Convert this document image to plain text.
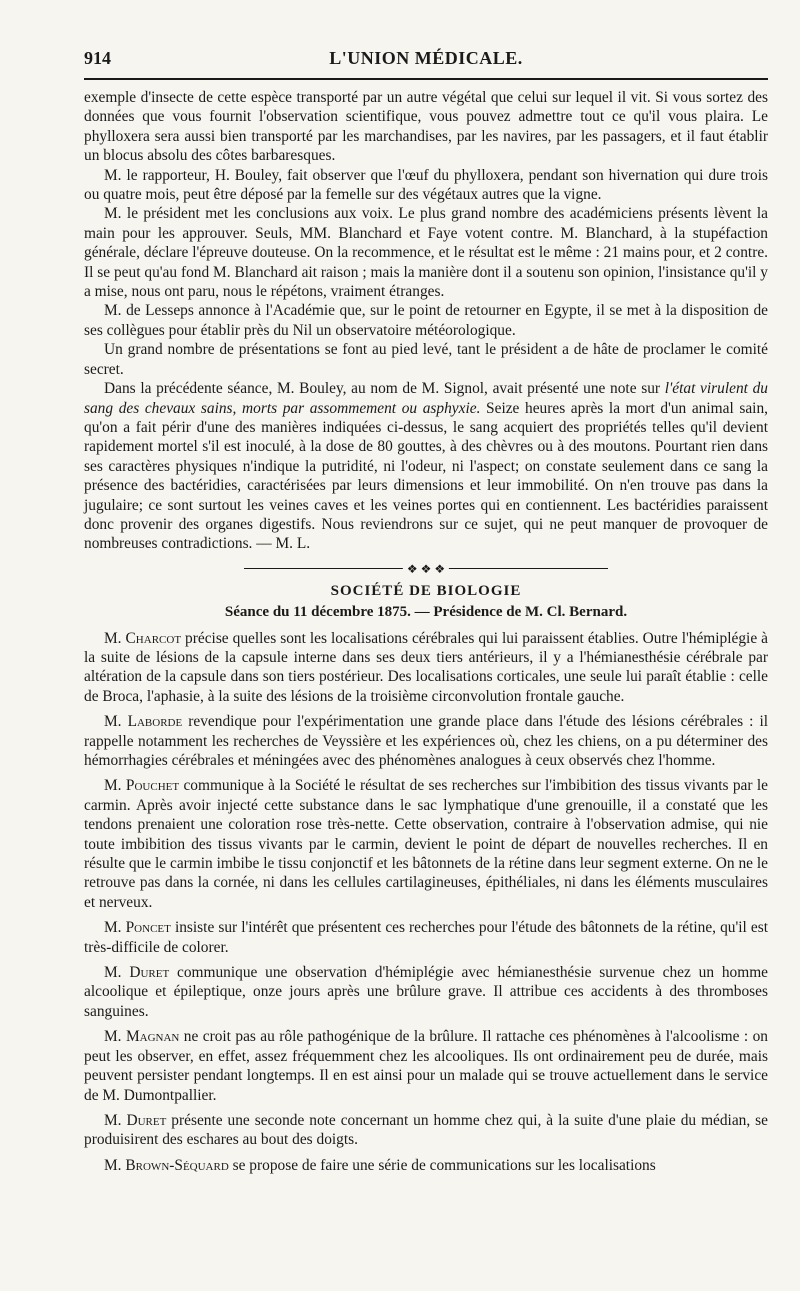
914	L'UNION MÉDICALE.

exemple d'insecte de cette espèce transporté par un autre végétal que celui sur lequel il vit. Si vous sortez des données que vous fournit l'observation scientifique, vous pouvez admettre tout ce qu'il vous plaira. Le phylloxera sera aussi bien transporté par les marchandises, par les navires, par les passagers, et il faut établir un blocus absolu des côtes barbaresques.

M. le rapporteur, H. Bouley, fait observer que l'œuf du phylloxera, pendant son hivernation qui dure trois ou quatre mois, peut être déposé par la femelle sur des végétaux autres que la vigne.

M. le président met les conclusions aux voix. Le plus grand nombre des académiciens présents lèvent la main pour les approuver. Seuls, MM. Blanchard et Faye votent contre. M. Blanchard, à la stupéfaction générale, déclare l'épreuve douteuse. On la recommence, et le résultat est le même : 21 mains pour, et 2 contre. Il se peut qu'au fond M. Blanchard ait raison ; mais la manière dont il a soutenu son opinion, l'insistance qu'il y a mise, nous ont paru, nous le répétons, vraiment étranges.

M. de Lesseps annonce à l'Académie que, sur le point de retourner en Egypte, il se met à la disposition de ses collègues pour établir près du Nil un observatoire météorologique.

Un grand nombre de présentations se font au pied levé, tant le président a de hâte de proclamer le comité secret.

Dans la précédente séance, M. Bouley, au nom de M. Signol, avait présenté une note sur l'état virulent du sang des chevaux sains, morts par assommement ou asphyxie. Seize heures après la mort d'un animal sain, qu'on a fait périr d'une des manières indiquées ci-dessus, le sang acquiert des propriétés telles qu'il devient rapidement mortel s'il est inoculé, à la dose de 80 gouttes, à des chèvres ou à des moutons. Pourtant rien dans ses caractères physiques n'indique la putridité, ni l'odeur, ni l'aspect; on constate seulement dans ce sang la présence des bactéridies, caractérisées par leurs dimensions et leur immobilité. On n'en trouve pas dans la jugulaire; ce sont surtout les veines caves et les veines portes qui en contiennent. Les bactéridies paraissent donc provenir des organes digestifs. Nous reviendrons sur ce sujet, qui ne peut manquer de provoquer de nombreuses contradictions. — M. L.

❖ ❖ ❖
SOCIÉTÉ DE BIOLOGIE
Séance du 11 décembre 1875. — Présidence de M. Cl. Bernard.

M. Charcot précise quelles sont les localisations cérébrales qui lui paraissent établies. Outre l'hémiplégie à la suite de lésions de la capsule interne dans ses deux tiers antérieurs, il y a l'hémianesthésie cérébrale par altération de la capsule dans son tiers postérieur. Des localisations corticales, une seule lui paraît établie : celle de Broca, l'aphasie, à la suite des lésions de la troisième circonvolution frontale gauche.

M. Laborde revendique pour l'expérimentation une grande place dans l'étude des lésions cérébrales : il rappelle notamment les recherches de Veyssière et les expériences où, chez les chiens, on a pu déterminer des hémorrhagies cérébrales et méningées avec des phénomènes analogues à ceux observés chez l'homme.

M. Pouchet communique à la Société le résultat de ses recherches sur l'imbibition des tissus vivants par le carmin. Après avoir injecté cette substance dans le sac lymphatique d'une grenouille, il a constaté que les tendons prenaient une coloration rose très-nette. Cette observation, contraire à l'observation admise, qui nie toute imbibition des tissus vivants par le carmin, devient le point de départ de nouvelles recherches. Il en résulte que le carmin imbibe le tissu conjonctif et les bâtonnets de la rétine dans leur segment externe. On ne le retrouve pas dans la cornée, ni dans les cellules cartilagineuses, épithéliales, ni dans les éléments musculaires et nerveux.

M. Poncet insiste sur l'intérêt que présentent ces recherches pour l'étude des bâtonnets de la rétine, qu'il est très-difficile de colorer.

M. Duret communique une observation d'hémiplégie avec hémianesthésie survenue chez un homme alcoolique et épileptique, onze jours après une brûlure grave. Il attribue ces accidents à des thromboses sanguines.

M. Magnan ne croit pas au rôle pathogénique de la brûlure. Il rattache ces phénomènes à l'alcoolisme : on peut les observer, en effet, assez fréquemment chez les alcooliques. Ils ont ordinairement peu de durée, mais peuvent persister pendant longtemps. Il en est ainsi pour un malade qui se trouve actuellement dans le service de M. Dumontpallier.

M. Duret présente une seconde note concernant un homme chez qui, à la suite d'une plaie du médian, se produisirent des eschares au bout des doigts.

M. Brown-Séquard se propose de faire une série de communications sur les localisations
